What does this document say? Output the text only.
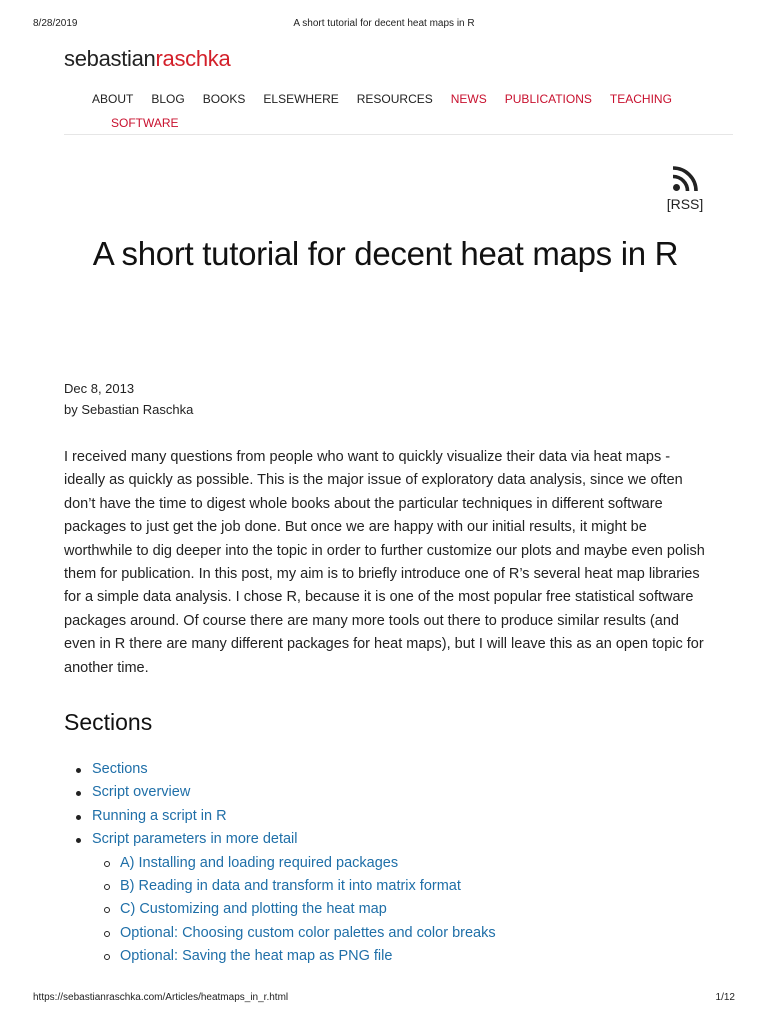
8/28/2019	A short tutorial for decent heat maps in R
sebastianraschka
ABOUT BLOG BOOKS ELSEWHERE RESOURCES NEWS PUBLICATIONS TEACHING
SOFTWARE
[RSS]
A short tutorial for decent heat maps in R
Dec 8, 2013
by Sebastian Raschka

I received many questions from people who want to quickly visualize their data via heat maps - ideally as quickly as possible. This is the major issue of exploratory data analysis, since we often don’t have the time to digest whole books about the particular techniques in different software packages to just get the job done. But once we are happy with our initial results, it might be worthwhile to dig deeper into the topic in order to further customize our plots and maybe even polish them for publication. In this post, my aim is to briefly introduce one of R’s several heat map libraries for a simple data analysis. I chose R, because it is one of the most popular free statistical software packages around. Of course there are many more tools out there to produce similar results (and even in R there are many different packages for heat maps), but I will leave this as an open topic for another time.

Sections
Sections
Script overview
Running a script in R
Script parameters in more detail
A) Installing and loading required packages
B) Reading in data and transform it into matrix format
C) Customizing and plotting the heat map
Optional: Choosing custom color palettes and color breaks
Optional: Saving the heat map as PNG file
https://sebastianraschka.com/Articles/heatmaps_in_r.html	1/12
